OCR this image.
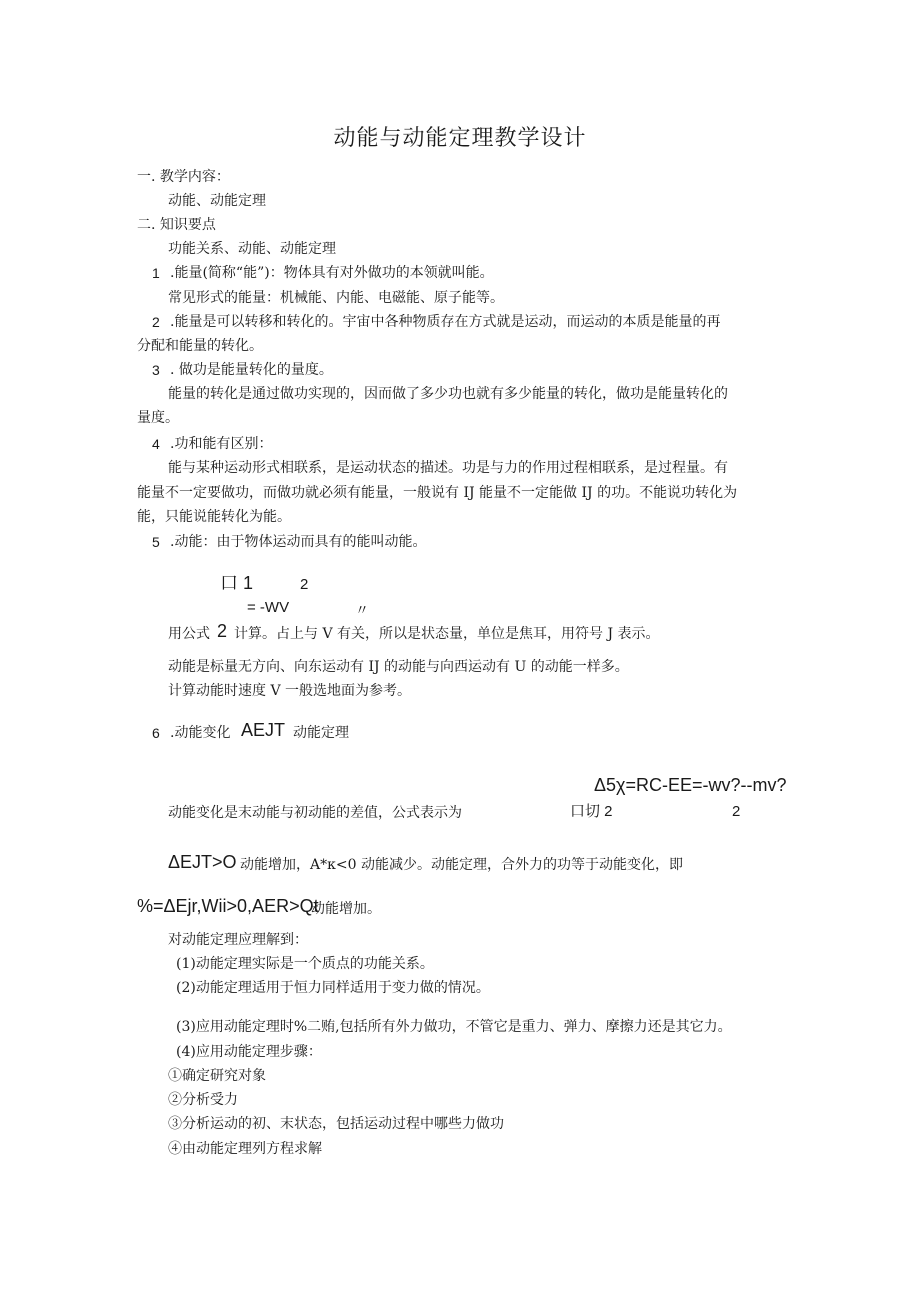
动能与动能定理教学设计
一. 教学内容：
动能、动能定理
二. 知识要点
功能关系、动能、动能定理
1 .能量(简称“能”)：物体具有对外做功的本领就叫能。
常见形式的能量：机械能、内能、电磁能、原子能等。
2 .能量是可以转移和转化的。宇宙中各种物质存在方式就是运动，而运动的本质是能量的再
分配和能量的转化。
3 . 做功是能量转化的量度。
能量的转化是通过做功实现的，因而做了多少功也就有多少能量的转化，做功是能量转化的
量度。
4 .功和能有区别：
能与某种运动形式相联系，是运动状态的描述。功是与力的作用过程相联系，是过程量。有
能量不一定要做功，而做功就必须有能量，一般说有 IJ 能量不一定能做 IJ 的功。不能说功转化为
能，只能说能转化为能。
5 .动能：由于物体运动而具有的能叫动能。
口 1	2
= -WV	〃
用公式 2 计算。占上与 V 有关，所以是状态量，单位是焦耳，用符号 J 表示。
动能是标量无方向、向东运动有 IJ 的动能与向西运动有 U 的动能一样多。
计算动能时速度 V 一般选地面为参考。
6 .动能变化 AEJT 动能定理
Δ5χ=RC-EE=-wv?--mv?
动能变化是末动能与初动能的差值，公式表示为	口切 2	2
ΔEJT>O 动能增加，A*κ<0 动能减少。动能定理，合外力的功等于动能变化，即
%=ΔEjr,Wii>0,AER>Qt
动能增加。
对动能定理应理解到：
(1)动能定理实际是一个质点的功能关系。
(2)动能定理适用于恒力同样适用于变力做的情况。
(3)应用动能定理时%二贿,包括所有外力做功，不管它是重力、弹力、摩擦力还是其它力。
(4)应用动能定理步骤：
①确定研究对象
②分析受力
③分析运动的初、末状态，包括运动过程中哪些力做功
④由动能定理列方程求解
